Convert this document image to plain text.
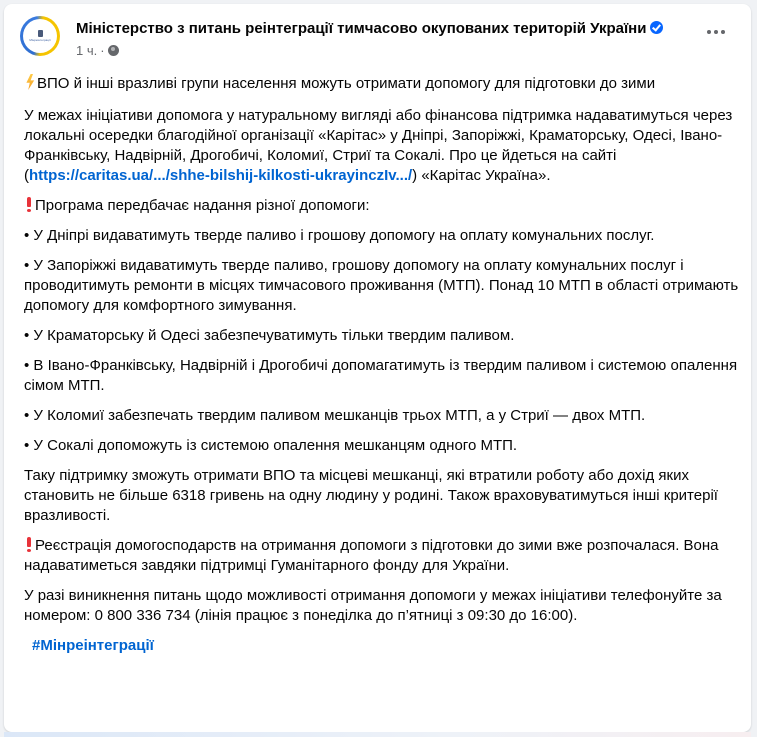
Мінреінтеграції
Міністерство з питань реінтеграції тимчасово окупованих територій України
1 ч. ·

ВПО й інші вразливі групи населення можуть отримати допомогу для підготовки до зими

У межах ініціативи допомога у натуральному вигляді або фінансова підтримка надаватимуться через локальні осередки благодійної організації «Карітас» у Дніпрі, Запоріжжі, Краматорську, Одесі, Івано-Франківську, Надвірній, Дрогобичі, Коломиї, Стриї та Сокалі. Про це йдеться на сайті (https://caritas.ua/.../shhe-bilshij-kilkosti-ukrayinczIv.../) «Карітас Україна».

Програма передбачає надання різної допомоги:

• У Дніпрі видаватимуть тверде паливо і грошову допомогу на оплату комунальних послуг.

• У Запоріжжі видаватимуть тверде паливо, грошову допомогу на оплату комунальних послуг і проводитимуть ремонти в місцях тимчасового проживання (МТП). Понад 10 МТП в області отримають допомогу для комфортного зимування.

• У Краматорську й Одесі забезпечуватимуть тільки твердим паливом.

• В Івано-Франківську, Надвірній і Дрогобичі допомагатимуть із твердим паливом і системою опалення сімом МТП.

• У Коломиї забезпечать твердим паливом мешканців трьох МТП, а у Стриї — двох МТП.

• У Сокалі допоможуть із системою опалення мешканцям одного МТП.

Таку підтримку зможуть отримати ВПО та місцеві мешканці, які втратили роботу або дохід яких становить не більше 6318 гривень на одну людину у родині. Також враховуватимуться інші критерії вразливості.

Реєстрація домогосподарств на отримання допомоги з підготовки до зими вже розпочалася. Вона надаватиметься завдяки підтримці Гуманітарного фонду для України.

У разі виникнення питань щодо можливості отримання допомоги у межах ініціативи телефонуйте за номером: 0 800 336 734 (лінія працює з понеділка до п’ятниці з 09:30 до 16:00).

#Мінреінтеграції
